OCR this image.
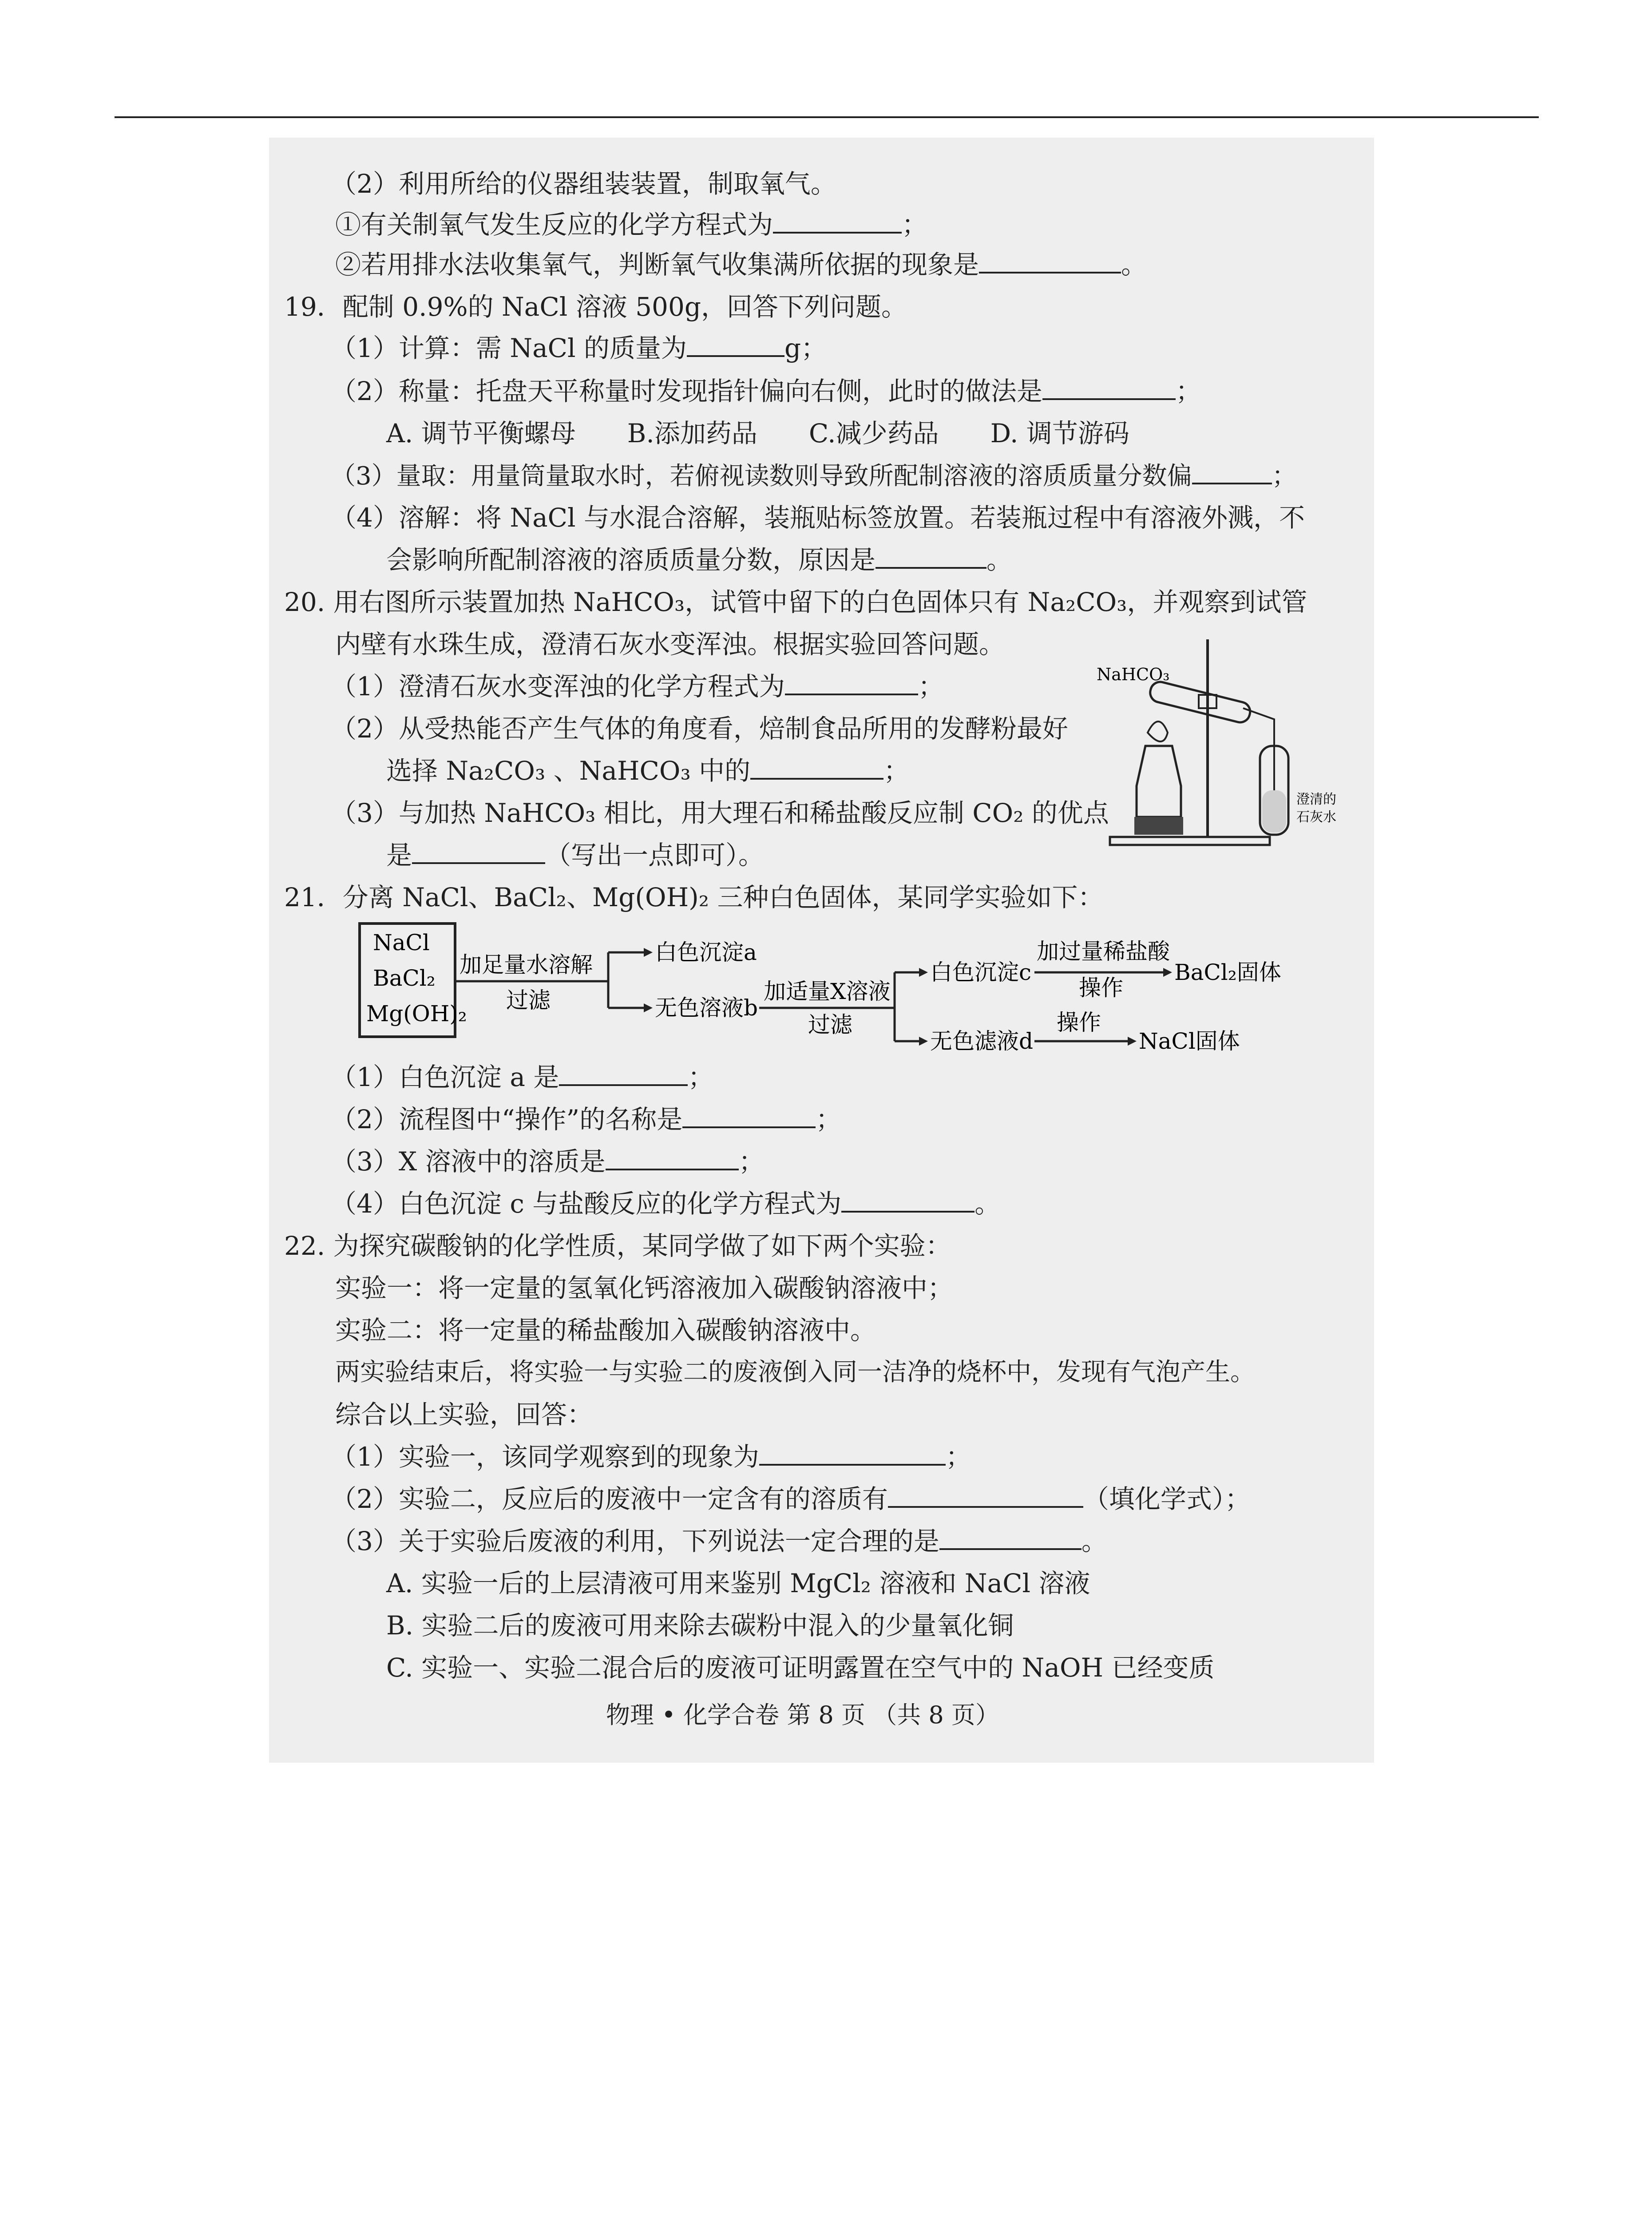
（2）利用所给的仪器组装装置，制取氧气。
①有关制氧气发生反应的化学方程式为	；
②若用排水法收集氧气，判断氧气收集满所依据的现象是	。
19．配制 0.9%的 NaCl 溶液 500g，回答下列问题。
（1）计算：需 NaCl 的质量为	g；
（2）称量：托盘天平称量时发现指针偏向右侧，此时的做法是	；
A. 调节平衡螺母　　B.添加药品　　C.减少药品　　D. 调节游码
（3）量取：用量筒量取水时，若俯视读数则导致所配制溶液的溶质质量分数偏	；
（4）溶解：将 NaCl 与水混合溶解，装瓶贴标签放置。若装瓶过程中有溶液外溅，不
会影响所配制溶液的溶质质量分数，原因是	。
20. 用右图所示装置加热 NaHCO₃，试管中留下的白色固体只有 Na₂CO₃，并观察到试管
内壁有水珠生成，澄清石灰水变浑浊。根据实验回答问题。
（1）澄清石灰水变浑浊的化学方程式为	；
（2）从受热能否产生气体的角度看，焙制食品所用的发酵粉最好
选择 Na₂CO₃ 、NaHCO₃ 中的	；
（3）与加热 NaHCO₃ 相比，用大理石和稀盐酸反应制 CO₂ 的优点
是	（写出一点即可）。
NaHCO₃
澄清的
石灰水
21．分离 NaCl、BaCl₂、Mg(OH)₂ 三种白色固体，某同学实验如下：
NaCl
BaCl₂
Mg(OH)₂
加足量水溶解
过滤
白色沉淀a
无色溶液b
加适量X溶液
过滤
白色沉淀c
无色滤液d
加过量稀盐酸
操作
BaCl₂固体
操作
NaCl固体
（1）白色沉淀 a 是	；
（2）流程图中“操作”的名称是	；
（3）X 溶液中的溶质是	；
（4）白色沉淀 c 与盐酸反应的化学方程式为	。
22. 为探究碳酸钠的化学性质，某同学做了如下两个实验：
实验一：将一定量的氢氧化钙溶液加入碳酸钠溶液中；
实验二：将一定量的稀盐酸加入碳酸钠溶液中。
两实验结束后，将实验一与实验二的废液倒入同一洁净的烧杯中，发现有气泡产生。
综合以上实验，回答：
（1）实验一，该同学观察到的现象为	；
（2）实验二，反应后的废液中一定含有的溶质有	（填化学式）；
（3）关于实验后废液的利用，下列说法一定合理的是	。
A. 实验一后的上层清液可用来鉴别 MgCl₂ 溶液和 NaCl 溶液
B. 实验二后的废液可用来除去碳粉中混入的少量氧化铜
C. 实验一、实验二混合后的废液可证明露置在空气中的 NaOH 已经变质
物理 • 化学合卷 第 8 页 （共 8 页）
